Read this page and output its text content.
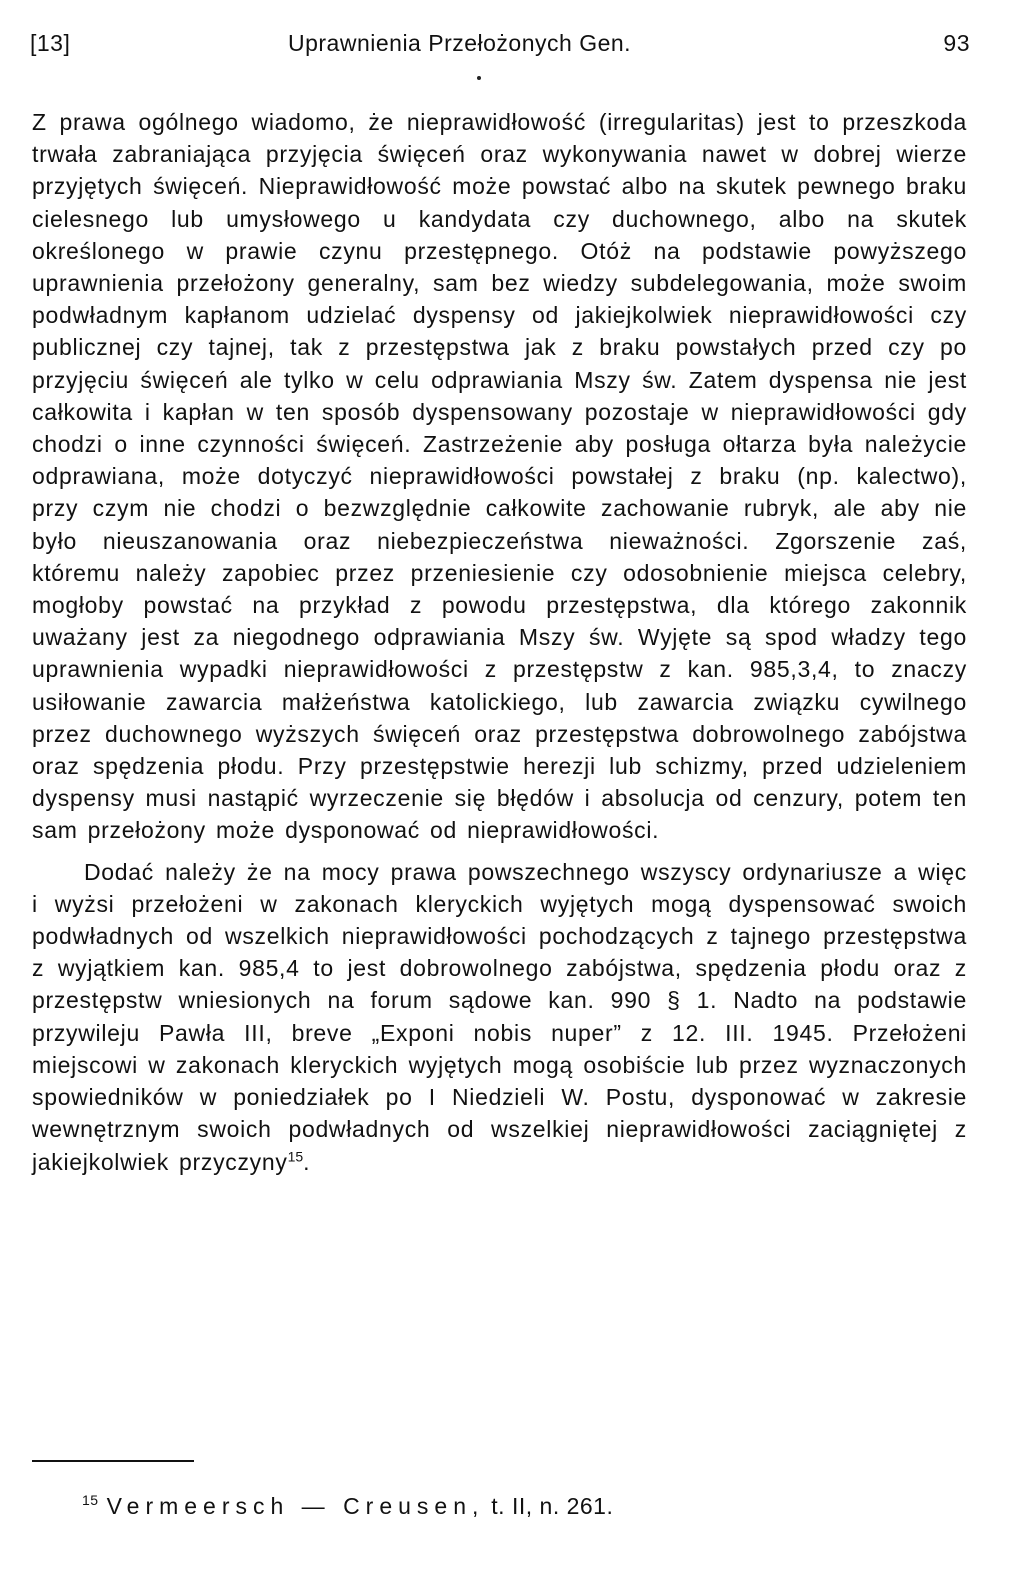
[13]	Uprawnienia Przełożonych Gen.	93

Z prawa ogólnego wiadomo, że nieprawidłowość (irregularitas) jest to przeszkoda trwała zabraniająca przyjęcia święceń oraz wykonywania nawet w dobrej wierze przyjętych święceń. Nieprawidłowość może powstać albo na skutek pewnego braku cielesnego lub umysłowego u kandydata czy duchownego, albo na skutek określonego w prawie czynu przestępnego. Otóż na podstawie powyższego uprawnienia przełożony generalny, sam bez wiedzy subdelegowania, może swoim podwładnym kapłanom udzielać dyspensy od jakiejkolwiek nieprawidłowości czy publicznej czy tajnej, tak z przestępstwa jak z braku powstałych przed czy po przyjęciu święceń ale tylko w celu odprawiania Mszy św. Zatem dyspensa nie jest całkowita i kapłan w ten sposób dyspensowany pozostaje w nieprawidłowości gdy chodzi o inne czynności święceń. Zastrzeżenie aby posługa ołtarza była należycie odprawiana, może dotyczyć nieprawidłowości powstałej z braku (np. kalectwo), przy czym nie chodzi o bezwzględnie całkowite zachowanie rubryk, ale aby nie było nieuszanowania oraz niebezpieczeństwa nieważności. Zgorszenie zaś, któremu należy zapobiec przez przeniesienie czy odosobnienie miejsca celebry, mogłoby powstać na przykład z powodu przestępstwa, dla którego zakonnik uważany jest za niegodnego odprawiania Mszy św. Wyjęte są spod władzy tego uprawnienia wypadki nieprawidłowości z przestępstw z kan. 985,3,4, to znaczy usiłowanie zawarcia małżeństwa katolickiego, lub zawarcia związku cywilnego przez duchownego wyższych święceń oraz przestępstwa dobrowolnego zabójstwa oraz spędzenia płodu. Przy przestępstwie herezji lub schizmy, przed udzieleniem dyspensy musi nastąpić wyrzeczenie się błędów i absolucja od cenzury, potem ten sam przełożony może dysponować od nieprawidłowości.

Dodać należy że na mocy prawa powszechnego wszyscy ordynariusze a więc i wyżsi przełożeni w zakonach kleryckich wyjętych mogą dyspensować swoich podwładnych od wszelkich nieprawidłowości pochodzących z tajnego przestępstwa z wyjątkiem kan. 985,4 to jest dobrowolnego zabójstwa, spędzenia płodu oraz z przestępstw wniesionych na forum sądowe kan. 990 § 1. Nadto na podstawie przywileju Pawła III, breve „Exponi nobis nuper” z 12. III. 1945. Przełożeni miejscowi w zakonach kleryckich wyjętych mogą osobiście lub przez wyznaczonych spowiedników w poniedziałek po I Niedzieli W. Postu, dysponować w zakresie wewnętrznym swoich podwładnych od wszelkiej nieprawidłowości zaciągniętej z jakiejkolwiek przyczyny$^{15}$.

$^{15}$ Vermeersch — Creusen, t. II, n. 261.
